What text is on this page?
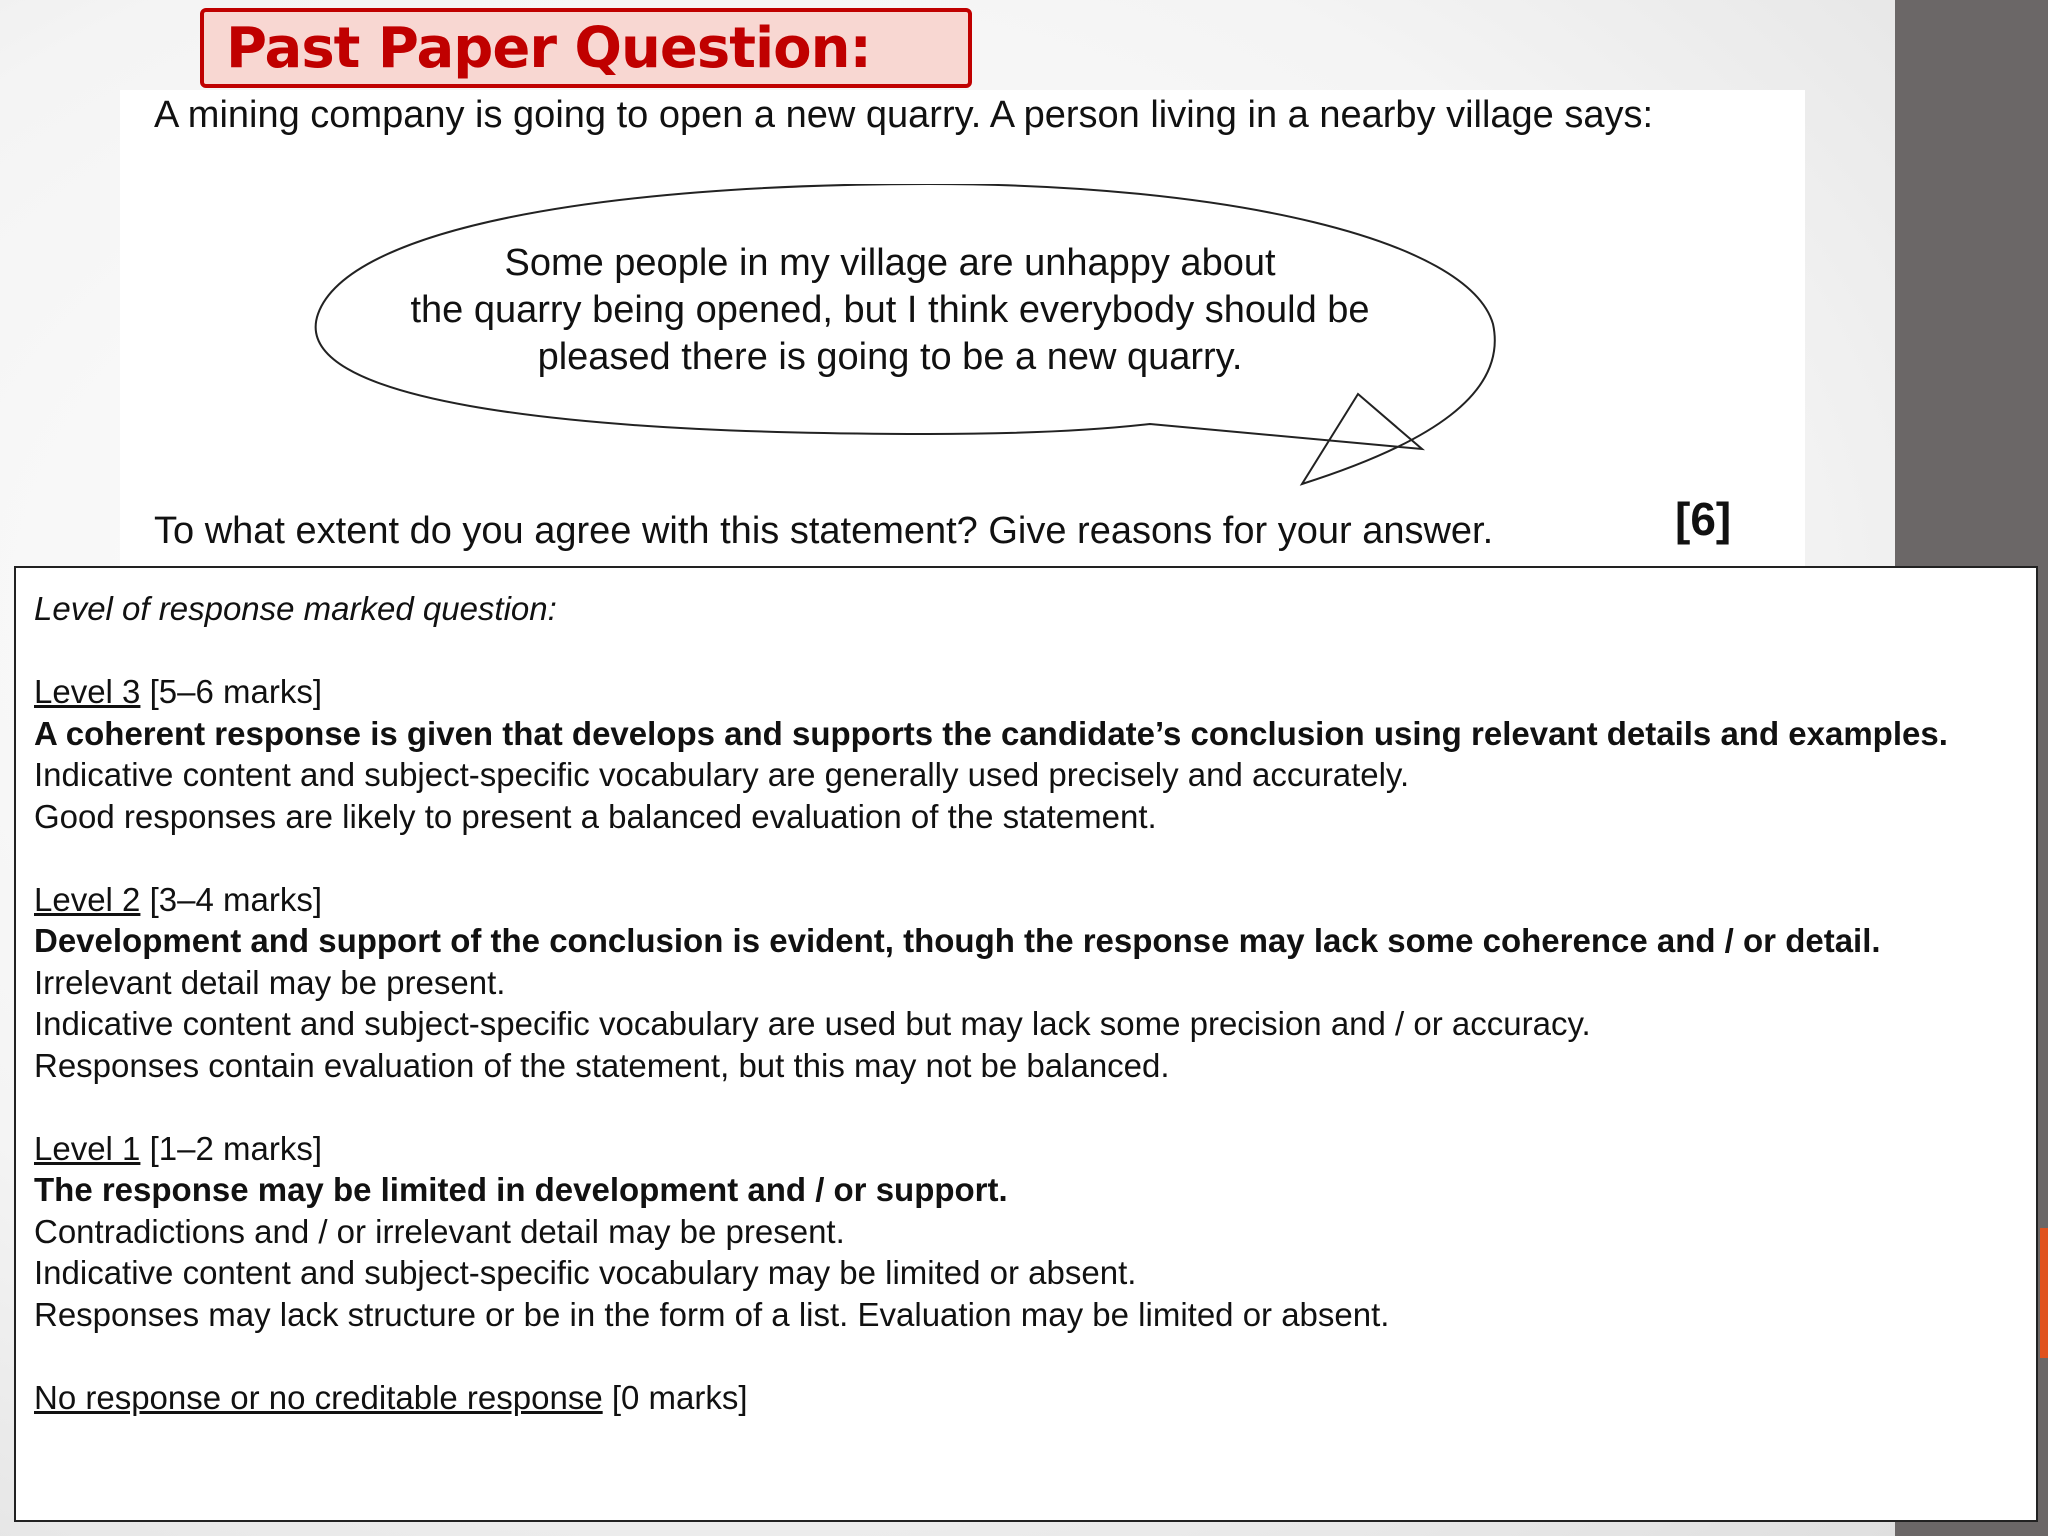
Past Paper Question:
A mining company is going to open a new quarry. A person living in a nearby village says:
Some people in my village are unhappy about
the quarry being opened, but I think everybody should be
pleased there is going to be a new quarry.
To what extent do you agree with this statement? Give reasons for your answer.	[6]

Level of response marked question:

Level 3 [5–6 marks]

A coherent response is given that develops and supports the candidate’s conclusion using relevant details and examples.

Indicative content and subject-specific vocabulary are generally used precisely and accurately.

Good responses are likely to present a balanced evaluation of the statement.

Level 2 [3–4 marks]

Development and support of the conclusion is evident, though the response may lack some coherence and / or detail.

Irrelevant detail may be present.

Indicative content and subject-specific vocabulary are used but may lack some precision and / or accuracy.

Responses contain evaluation of the statement, but this may not be balanced.

Level 1 [1–2 marks]

The response may be limited in development and / or support.

Contradictions and / or irrelevant detail may be present.

Indicative content and subject-specific vocabulary may be limited or absent.

Responses may lack structure or be in the form of a list. Evaluation may be limited or absent.

No response or no creditable response [0 marks]
